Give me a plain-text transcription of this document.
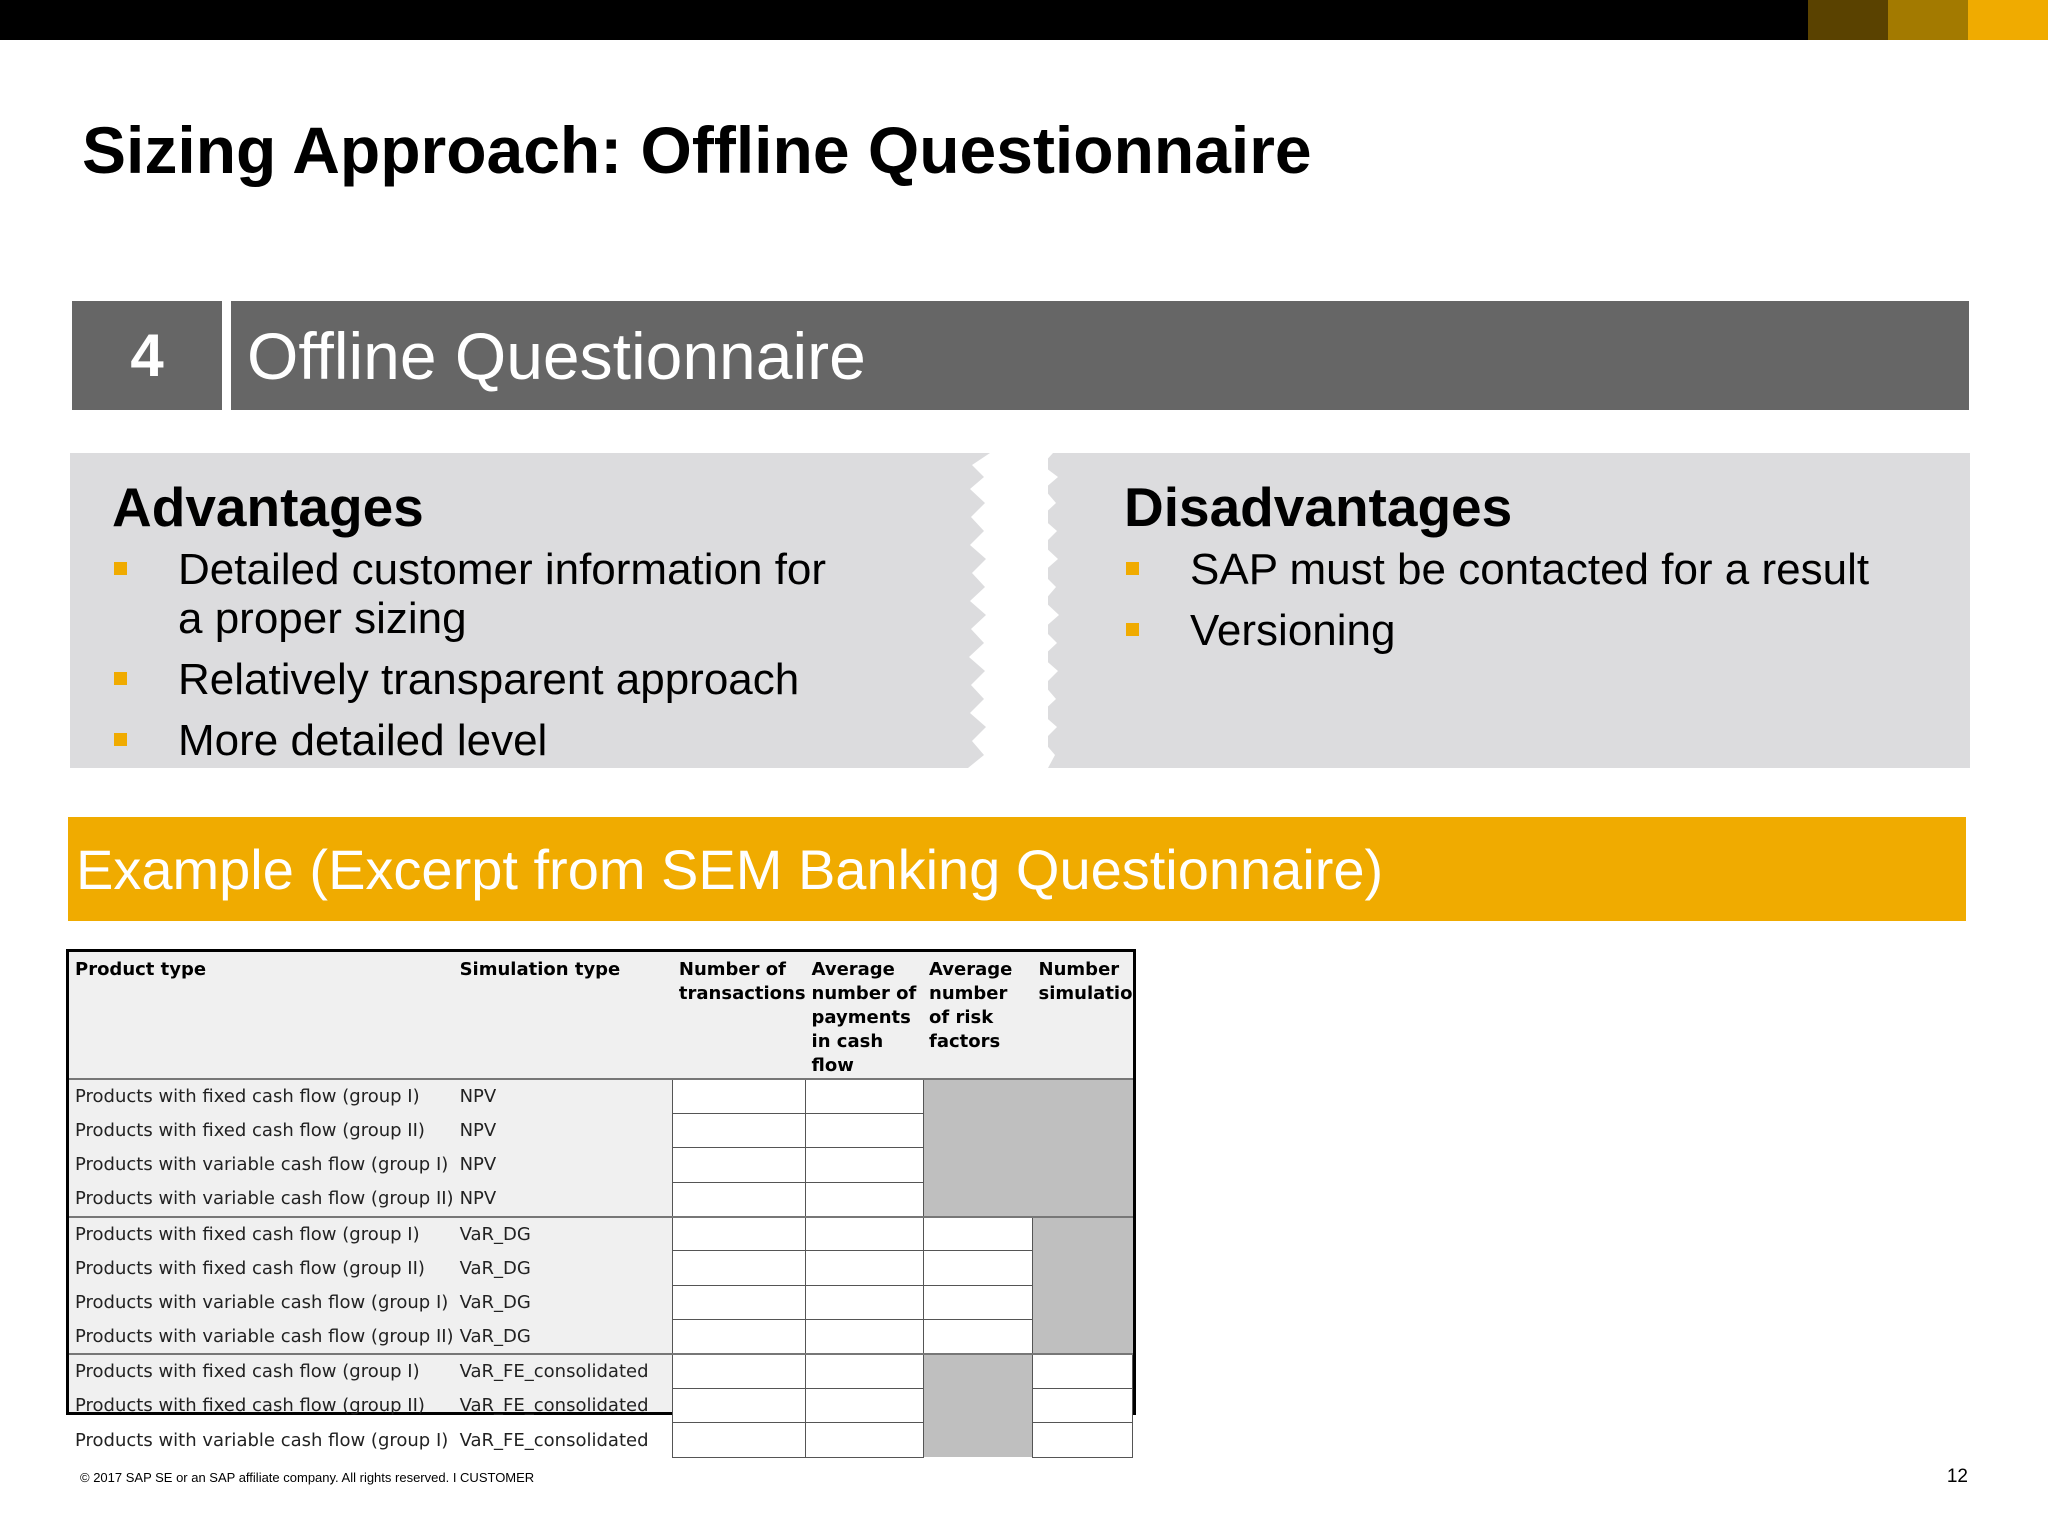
Sizing Approach: Offline Questionnaire
4	Offline Questionnaire
Advantages
Detailed customer information for a proper sizing
Relatively transparent approach
More detailed level
Disadvantages
SAP must be contacted for a result
Versioning
Example (Excerpt from SEM Banking Questionnaire)
Product type	Simulation type	Number of transactions	Average number of payments in cash flow	Average number of risk factors	Number simulatio
Products with fixed cash flow (group I)	NPV				
Products with fixed cash flow (group II)	NPV				
Products with variable cash flow (group I)	NPV				
Products with variable cash flow (group II)	NPV				
Products with fixed cash flow (group I)	VaR_DG				
Products with fixed cash flow (group II)	VaR_DG				
Products with variable cash flow (group I)	VaR_DG				
Products with variable cash flow (group II)	VaR_DG				
Products with fixed cash flow (group I)	VaR_FE_consolidated				
Products with fixed cash flow (group II)	VaR_FE_consolidated				
Products with variable cash flow (group I)	VaR_FE_consolidated				
© 2017 SAP SE or an SAP affiliate company. All rights reserved. I CUSTOMER	12
